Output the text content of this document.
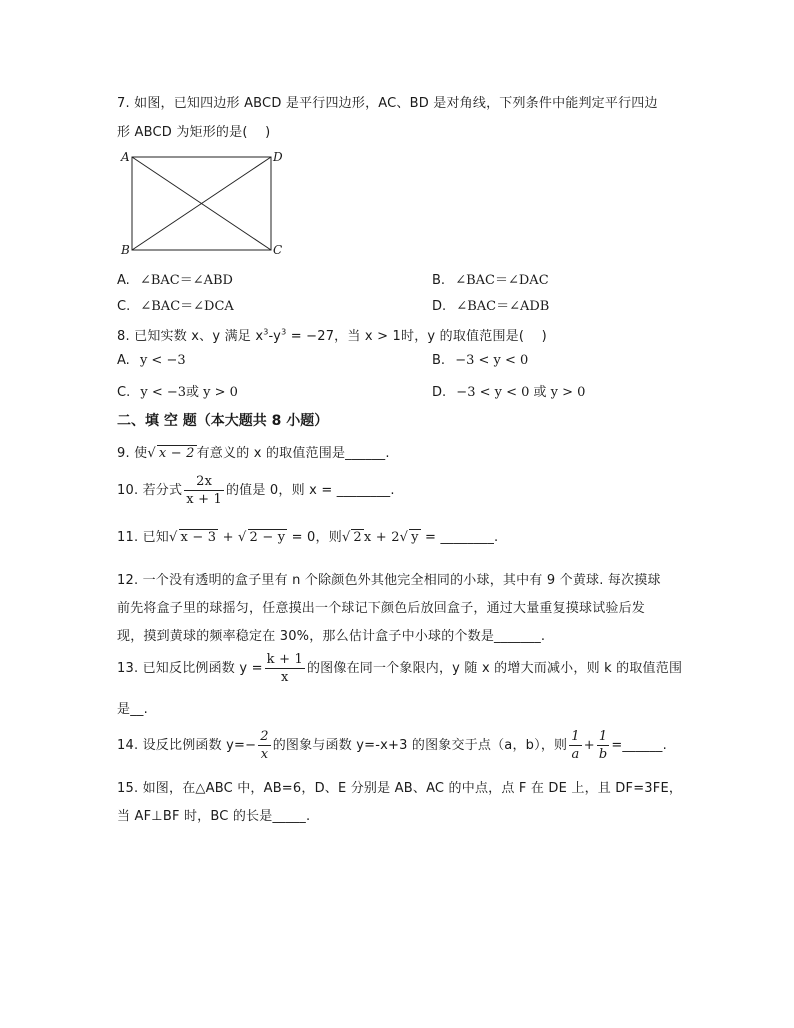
7. 如图，已知四边形 ABCD 是平行四边形，AC、BD 是对角线，下列条件中能判定平行四边
形 ABCD 为矩形的是(　 )
A	D
B	C
A. ∠BAC＝∠ABD	B. ∠BAC＝∠DAC
C. ∠BAC＝∠DCA	D. ∠BAC＝∠ADB
8. 已知实数 x、y 满足 $x^3-y^3 = -27$，当 x > 1时，y 的取值范围是(　 )
A. y < −3	B. −3 < y < 0
C. y < −3或 y > 0	D. −3 < y < 0 或 y > 0
二、填 空 题（本大题共 8 小题）
9. 使√ x − 2 有意义的 x 的取值范围是______.
10. 若分式 $\frac{2x}{x + 1}$ 的值是 0，则 x = ________.
11. 已知√ x − 3 + √ 2 − y = 0，则√ 2 x + 2√ y = ________.
12. 一个没有透明的盒子里有 n 个除颜色外其他完全相同的小球，其中有 9 个黄球. 每次摸球
前先将盒子里的球摇匀，任意摸出一个球记下颜色后放回盒子，通过大量重复摸球试验后发
现，摸到黄球的频率稳定在 30%，那么估计盒子中小球的个数是_______.
13. 已知反比例函数 $y = \frac{k + 1}{x}$ 的图像在同一个象限内，y 随 x 的增大而减小，则 k 的取值范围
是__.
14. 设反比例函数 $y=- \frac{2}{x}$ 的图象与函数 y=-x+3 的图象交于点（a，b），则 $\frac{1}{a} + \frac{1}{b}$ =______.
15. 如图，在△ABC 中，AB=6，D、E 分别是 AB、AC 的中点，点 F 在 DE 上，且 DF=3FE，
当 AF⊥BF 时，BC 的长是_____.
